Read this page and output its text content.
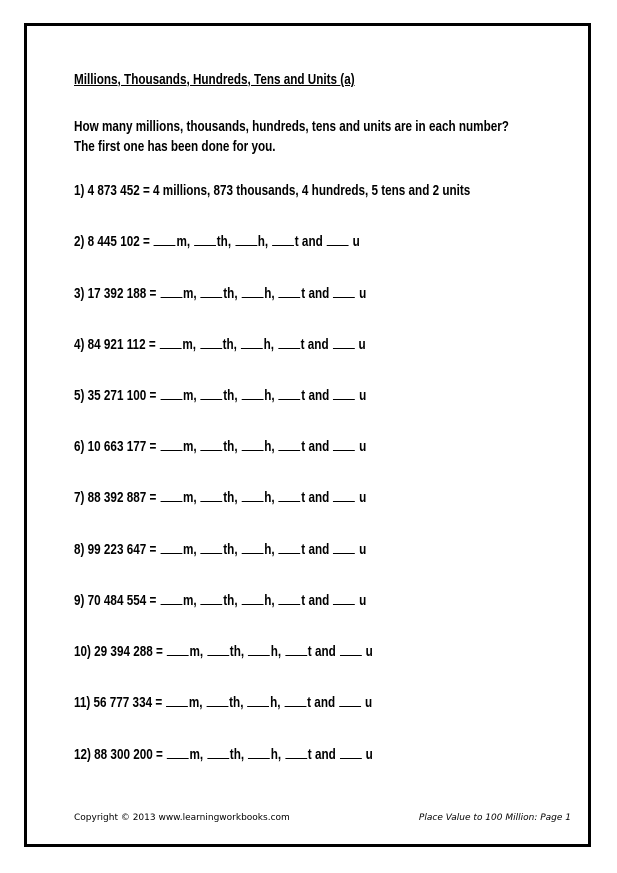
Millions, Thousands, Hundreds, Tens and Units (a)
How many millions, thousands, hundreds, tens and units are in each number?
The first one has been done for you.
1) 4 873 452 = 4 millions, 873 thousands, 4 hundreds, 5 tens and 2 units
2) 8 445 102 = m, th, h, t and u
3) 17 392 188 = m, th, h, t and u
4) 84 921 112 = m, th, h, t and u
5) 35 271 100 = m, th, h, t and u
6) 10 663 177 = m, th, h, t and u
7) 88 392 887 = m, th, h, t and u
8) 99 223 647 = m, th, h, t and u
9) 70 484 554 = m, th, h, t and u
10) 29 394 288 = m, th, h, t and u
11) 56 777 334 = m, th, h, t and u
12) 88 300 200 = m, th, h, t and u
Copyright © 2013 www.learningworkbooks.com	Place Value to 100 Million: Page 1
